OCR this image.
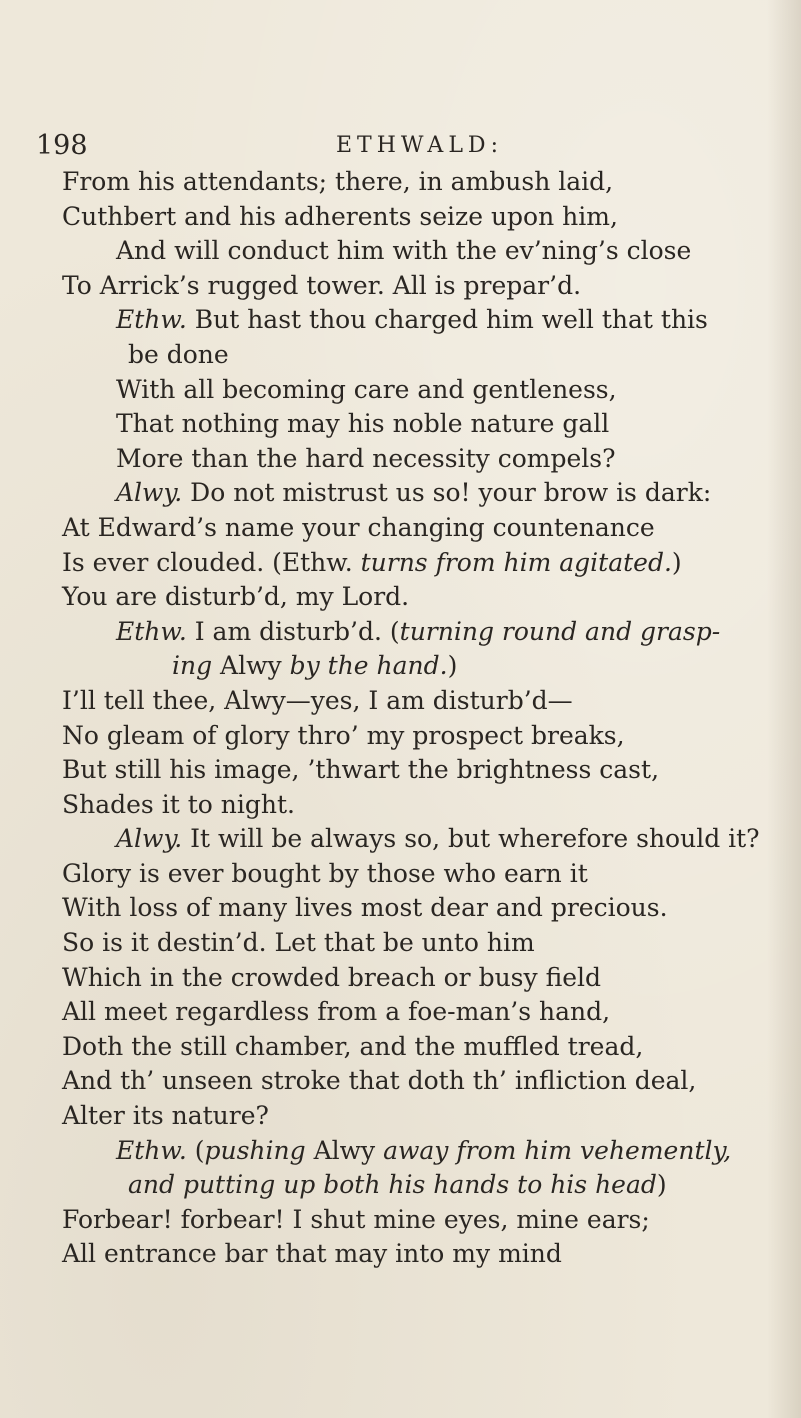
198	ETHWALD:
From his attendants; there, in ambush laid,
Cuthbert and his adherents seize upon him,
And will conduct him with the ev’ning’s close
To Arrick’s rugged tower. All is prepar’d.
Ethw. But hast thou charged him well that this
be done
With all becoming care and gentleness,
That nothing may his noble nature gall
More than the hard necessity compels?
Alwy. Do not mistrust us so! your brow is dark:
At Edward’s name your changing countenance
Is ever clouded. (Ethw. turns from him agitated.)
You are disturb’d, my Lord.
Ethw. I am disturb’d. (turning round and grasp-
ing Alwy by the hand.)
I’ll tell thee, Alwy—yes, I am disturb’d—
No gleam of glory thro’ my prospect breaks,
But still his image, ’thwart the brightness cast,
Shades it to night.
Alwy. It will be always so, but wherefore should it?
Glory is ever bought by those who earn it
With loss of many lives most dear and precious.
So is it destin’d. Let that be unto him
Which in the crowded breach or busy field
All meet regardless from a foe-man’s hand,
Doth the still chamber, and the muffled tread,
And th’ unseen stroke that doth th’ infliction deal,
Alter its nature?
Ethw. (pushing Alwy away from him vehemently,
and putting up both his hands to his head)
Forbear! forbear! I shut mine eyes, mine ears;
All entrance bar that may into my mind
